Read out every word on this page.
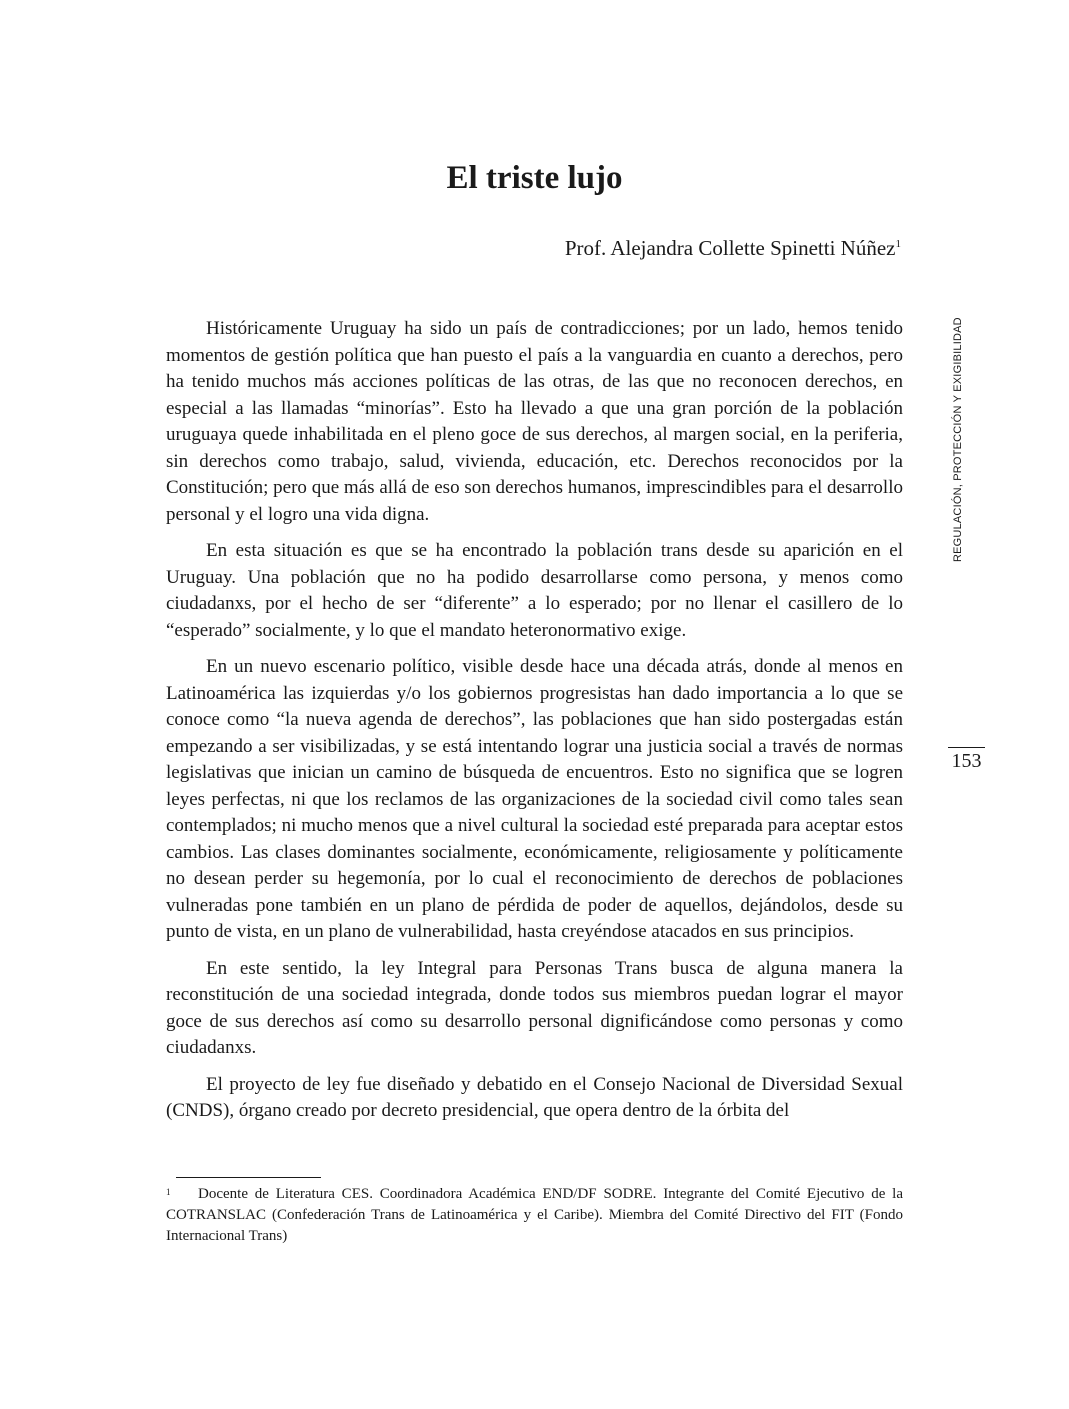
El triste lujo
Prof. Alejandra Collette Spinetti Núñez$^1$

Históricamente Uruguay ha sido un país de contradicciones; por un lado, hemos tenido momentos de gestión política que han puesto el país a la vanguardia en cuanto a derechos, pero ha tenido muchos más acciones políticas de las otras, de las que no reconocen derechos, en especial a las llamadas “minorías”. Esto ha llevado a que una gran porción de la población uruguaya quede inhabilitada en el pleno goce de sus derechos, al margen social, en la periferia, sin derechos como trabajo, salud, vivienda, educación, etc. Derechos reconocidos por la Constitución; pero que más allá de eso son derechos humanos, imprescindibles para el desarrollo personal y el logro una vida digna.

En esta situación es que se ha encontrado la población trans desde su aparición en el Uruguay. Una población que no ha podido desarrollarse como persona, y menos como ciudadanxs, por el hecho de ser “diferente” a lo esperado; por no llenar el casillero de lo “esperado” socialmente, y lo que el mandato heteronormativo exige.

En un nuevo escenario político, visible desde hace una década atrás, donde al menos en Latinoamérica las izquierdas y/o los gobiernos progresistas han dado importancia a lo que se conoce como “la nueva agenda de derechos”, las poblaciones que han sido postergadas están empezando a ser visibilizadas, y se está intentando lograr una justicia social a través de normas legislativas que inician un camino de búsqueda de encuentros. Esto no significa que se logren leyes perfectas, ni que los reclamos de las organizaciones de la sociedad civil como tales sean contemplados; ni mucho menos que a nivel cultural la sociedad esté preparada para aceptar estos cambios. Las clases dominantes socialmente, económicamente, religiosamente y políticamente no desean perder su hegemonía, por lo cual el reconocimiento de derechos de poblaciones vulneradas pone también en un plano de pérdida de poder de aquellos, dejándolos, desde su punto de vista, en un plano de vulnerabilidad, hasta creyéndose atacados en sus principios.

En este sentido, la ley Integral para Personas Trans busca de alguna manera la reconstitución de una sociedad integrada, donde todos sus miembros puedan lograr el mayor goce de sus derechos así como su desarrollo personal dignificándose como personas y como ciudadanxs.

El proyecto de ley fue diseñado y debatido en el Consejo Nacional de Diversidad Sexual (CNDS), órgano creado por decreto presidencial, que opera dentro de la órbita del

REGULACIÓN, PROTECCIÓN Y EXIGIBILIDAD
153

1 Docente de Literatura CES. Coordinadora Académica END/DF SODRE. Integrante del Comité Ejecutivo de la COTRANSLAC (Confederación Trans de Latinoamérica y el Caribe). Miembra del Comité Directivo del FIT (Fondo Internacional Trans)
